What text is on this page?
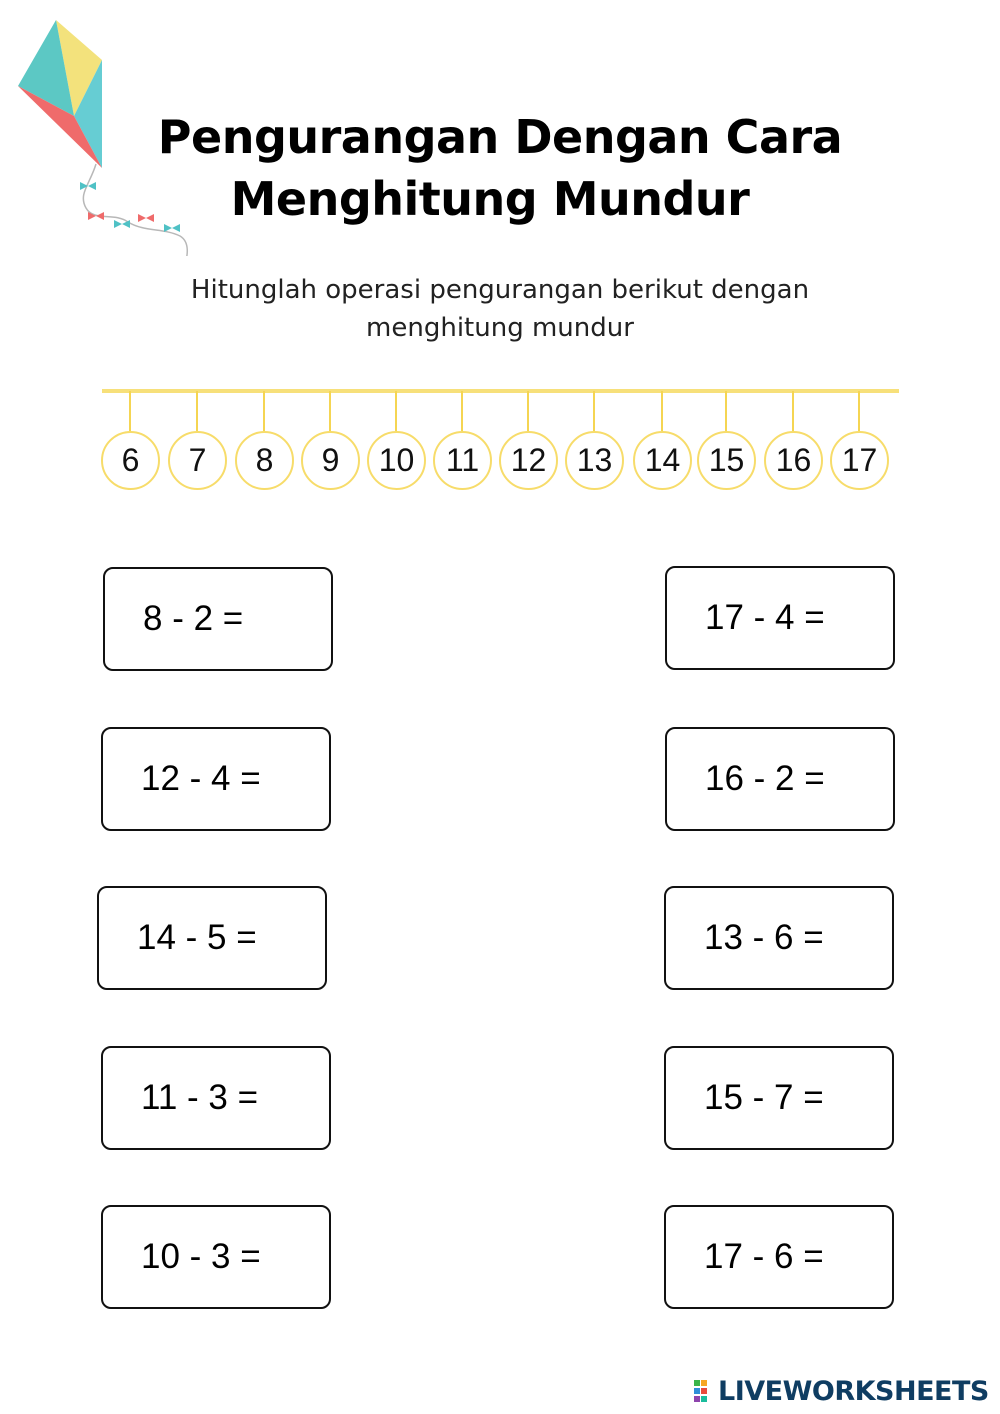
Pengurangan Dengan Cara
Menghitung Mundur
Hitunglah operasi pengurangan berikut dengan
menghitung mundur
6	7	8	9	10 11 12 13	14 15 16 17
8 - 2 =
12 - 4 =
14 - 5 =
11 - 3 =
10 - 3 =
17 - 4 =
16 - 2 =
13 - 6 =
15 - 7 =
17 - 6 =
LIVEWORKSHEETS
